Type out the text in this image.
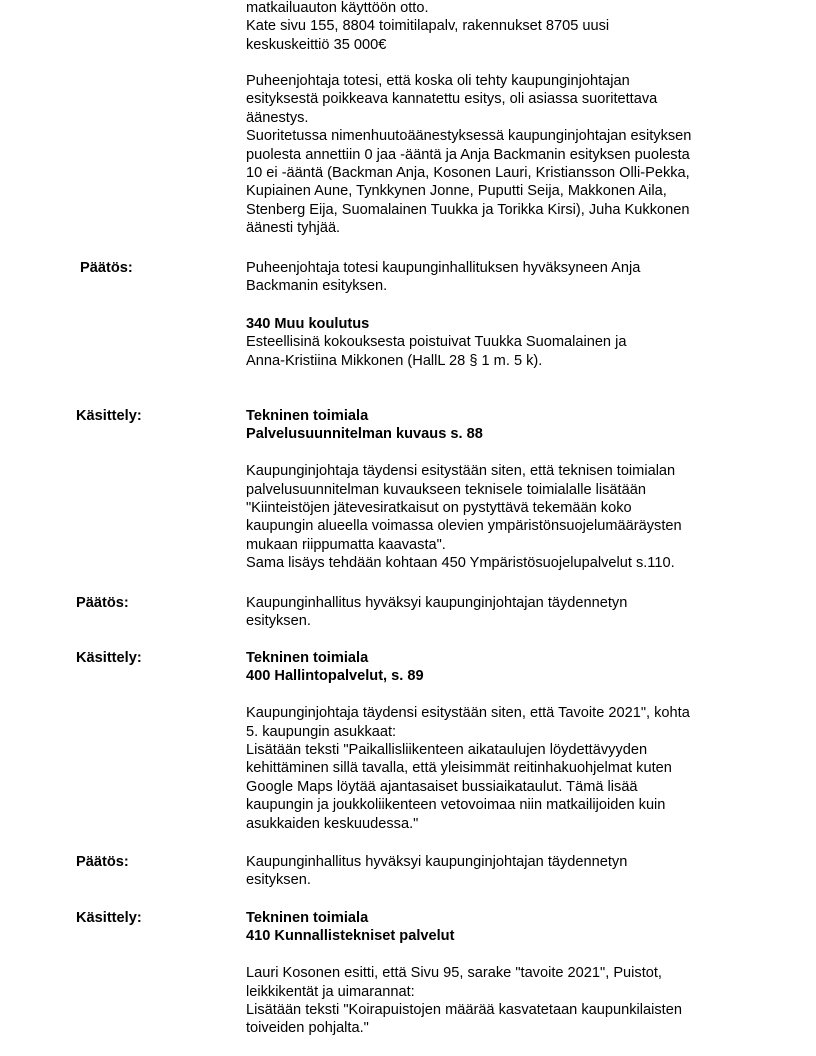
matkailuauton käyttöön otto.
Kate sivu 155, 8804 toimitilapalv, rakennukset 8705 uusi
keskuskeittiö 35 000€
Puheenjohtaja totesi, että koska oli tehty kaupunginjohtajan
esityksestä poikkeava kannatettu esitys, oli asiassa suoritettava
äänestys.
Suoritetussa nimenhuutoäänestyksessä kaupunginjohtajan esityksen
puolesta annettiin 0 jaa -ääntä ja Anja Backmanin esityksen puolesta
10 ei -ääntä (Backman Anja, Kosonen Lauri, Kristiansson Olli-Pekka,
Kupiainen Aune, Tynkkynen Jonne, Puputti Seija, Makkonen Aila,
Stenberg Eija, Suomalainen Tuukka ja Torikka Kirsi), Juha Kukkonen
äänesti tyhjää.
Päätös:	Puheenjohtaja totesi kaupunginhallituksen hyväksyneen Anja
Backmanin esityksen.
340 Muu koulutus
Esteellisinä kokouksesta poistuivat Tuukka Suomalainen ja
Anna-Kristiina Mikkonen (HallL 28 § 1 m. 5 k).
Käsittely:	Tekninen toimiala
Palvelusuunnitelman kuvaus s. 88
Kaupunginjohtaja täydensi esitystään siten, että teknisen toimialan
palvelusuunnitelman kuvaukseen teknisele toimialalle lisätään
"Kiinteistöjen jätevesiratkaisut on pystyttävä tekemään koko
kaupungin alueella voimassa olevien ympäristönsuojelumääräysten
mukaan riippumatta kaavasta".
Sama lisäys tehdään kohtaan 450 Ympäristösuojelupalvelut s.110.
Päätös:	Kaupunginhallitus hyväksyi kaupunginjohtajan täydennetyn
esityksen.
Käsittely:	Tekninen toimiala
400 Hallintopalvelut, s. 89
Kaupunginjohtaja täydensi esitystään siten, että Tavoite 2021", kohta
5. kaupungin asukkaat:
Lisätään teksti "Paikallisliikenteen aikataulujen löydettävyyden
kehittäminen sillä tavalla, että yleisimmät reitinhakuohjelmat kuten
Google Maps löytää ajantasaiset bussiaikataulut. Tämä lisää
kaupungin ja joukkoliikenteen vetovoimaa niin matkailijoiden kuin
asukkaiden keskuudessa."
Päätös:	Kaupunginhallitus hyväksyi kaupunginjohtajan täydennetyn
esityksen.
Käsittely:	Tekninen toimiala
410 Kunnallistekniset palvelut
Lauri Kosonen esitti, että Sivu 95, sarake "tavoite 2021", Puistot,
leikkikentät ja uimarannat:
Lisätään teksti "Koirapuistojen määrää kasvatetaan kaupunkilaisten
toiveiden pohjalta."
